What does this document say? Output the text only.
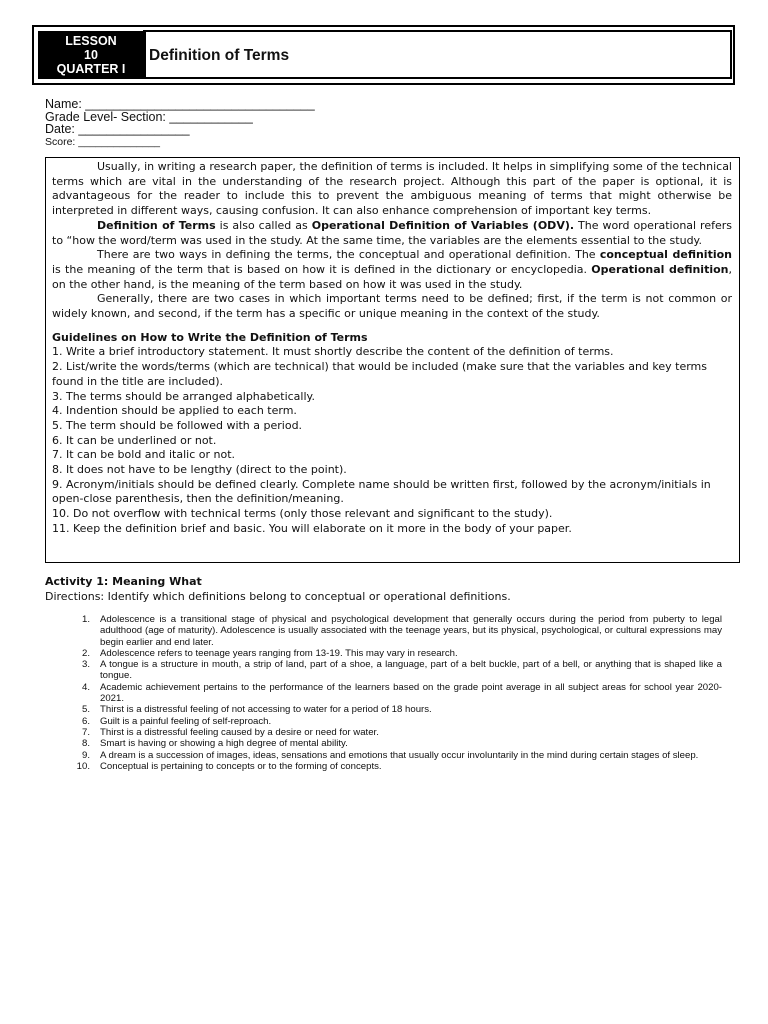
LESSON
10
QUARTER I
Definition of Terms
Name: _________________________________
Grade Level- Section: ____________
Date: ________________
Score: ______________

Usually, in writing a research paper, the definition of terms is included. It helps in simplifying some of the technical terms which are vital in the understanding of the research project. Although this part of the paper is optional, it is advantageous for the reader to include this to prevent the ambiguous meaning of terms that might otherwise be interpreted in different ways, causing confusion. It can also enhance comprehension of important key terms.

Definition of Terms is also called as Operational Definition of Variables (ODV). The word operational refers to “how the word/term was used in the study. At the same time, the variables are the elements essential to the study.

There are two ways in defining the terms, the conceptual and operational definition. The conceptual definition is the meaning of the term that is based on how it is defined in the dictionary or encyclopedia. Operational definition, on the other hand, is the meaning of the term based on how it was used in the study.

Generally, there are two cases in which important terms need to be defined; first, if the term is not common or widely known, and second, if the term has a specific or unique meaning in the context of the study.

Guidelines on How to Write the Definition of Terms

1. Write a brief introductory statement. It must shortly describe the content of the definition of terms.

2. List/write the words/terms (which are technical) that would be included (make sure that the variables and key terms found in the title are included).

3. The terms should be arranged alphabetically.

4. Indention should be applied to each term.

5. The term should be followed with a period.

6. It can be underlined or not.

7. It can be bold and italic or not.

8. It does not have to be lengthy (direct to the point).

9. Acronym/initials should be defined clearly. Complete name should be written first, followed by the acronym/initials in open-close parenthesis, then the definition/meaning.

10. Do not overflow with technical terms (only those relevant and significant to the study).

11. Keep the definition brief and basic. You will elaborate on it more in the body of your paper.

Activity 1: Meaning What
Directions: Identify which definitions belong to conceptual or operational definitions.
1. Adolescence is a transitional stage of physical and psychological development that generally occurs during the period from puberty to legal adulthood (age of maturity). Adolescence is usually associated with the teenage years, but its physical, psychological, or cultural expressions may begin earlier and end later.
2. Adolescence refers to teenage years ranging from 13-19. This may vary in research.
3. A tongue is a structure in mouth, a strip of land, part of a shoe, a language, part of a belt buckle, part of a bell, or anything that is shaped like a tongue.
4. Academic achievement pertains to the performance of the learners based on the grade point average in all subject areas for school year 2020-2021.
5. Thirst is a distressful feeling of not accessing to water for a period of 18 hours.
6. Guilt is a painful feeling of self-reproach.
7. Thirst is a distressful feeling caused by a desire or need for water.
8. Smart is having or showing a high degree of mental ability.
9. A dream is a succession of images, ideas, sensations and emotions that usually occur involuntarily in the mind during certain stages of sleep.
10. Conceptual is pertaining to concepts or to the forming of concepts.
